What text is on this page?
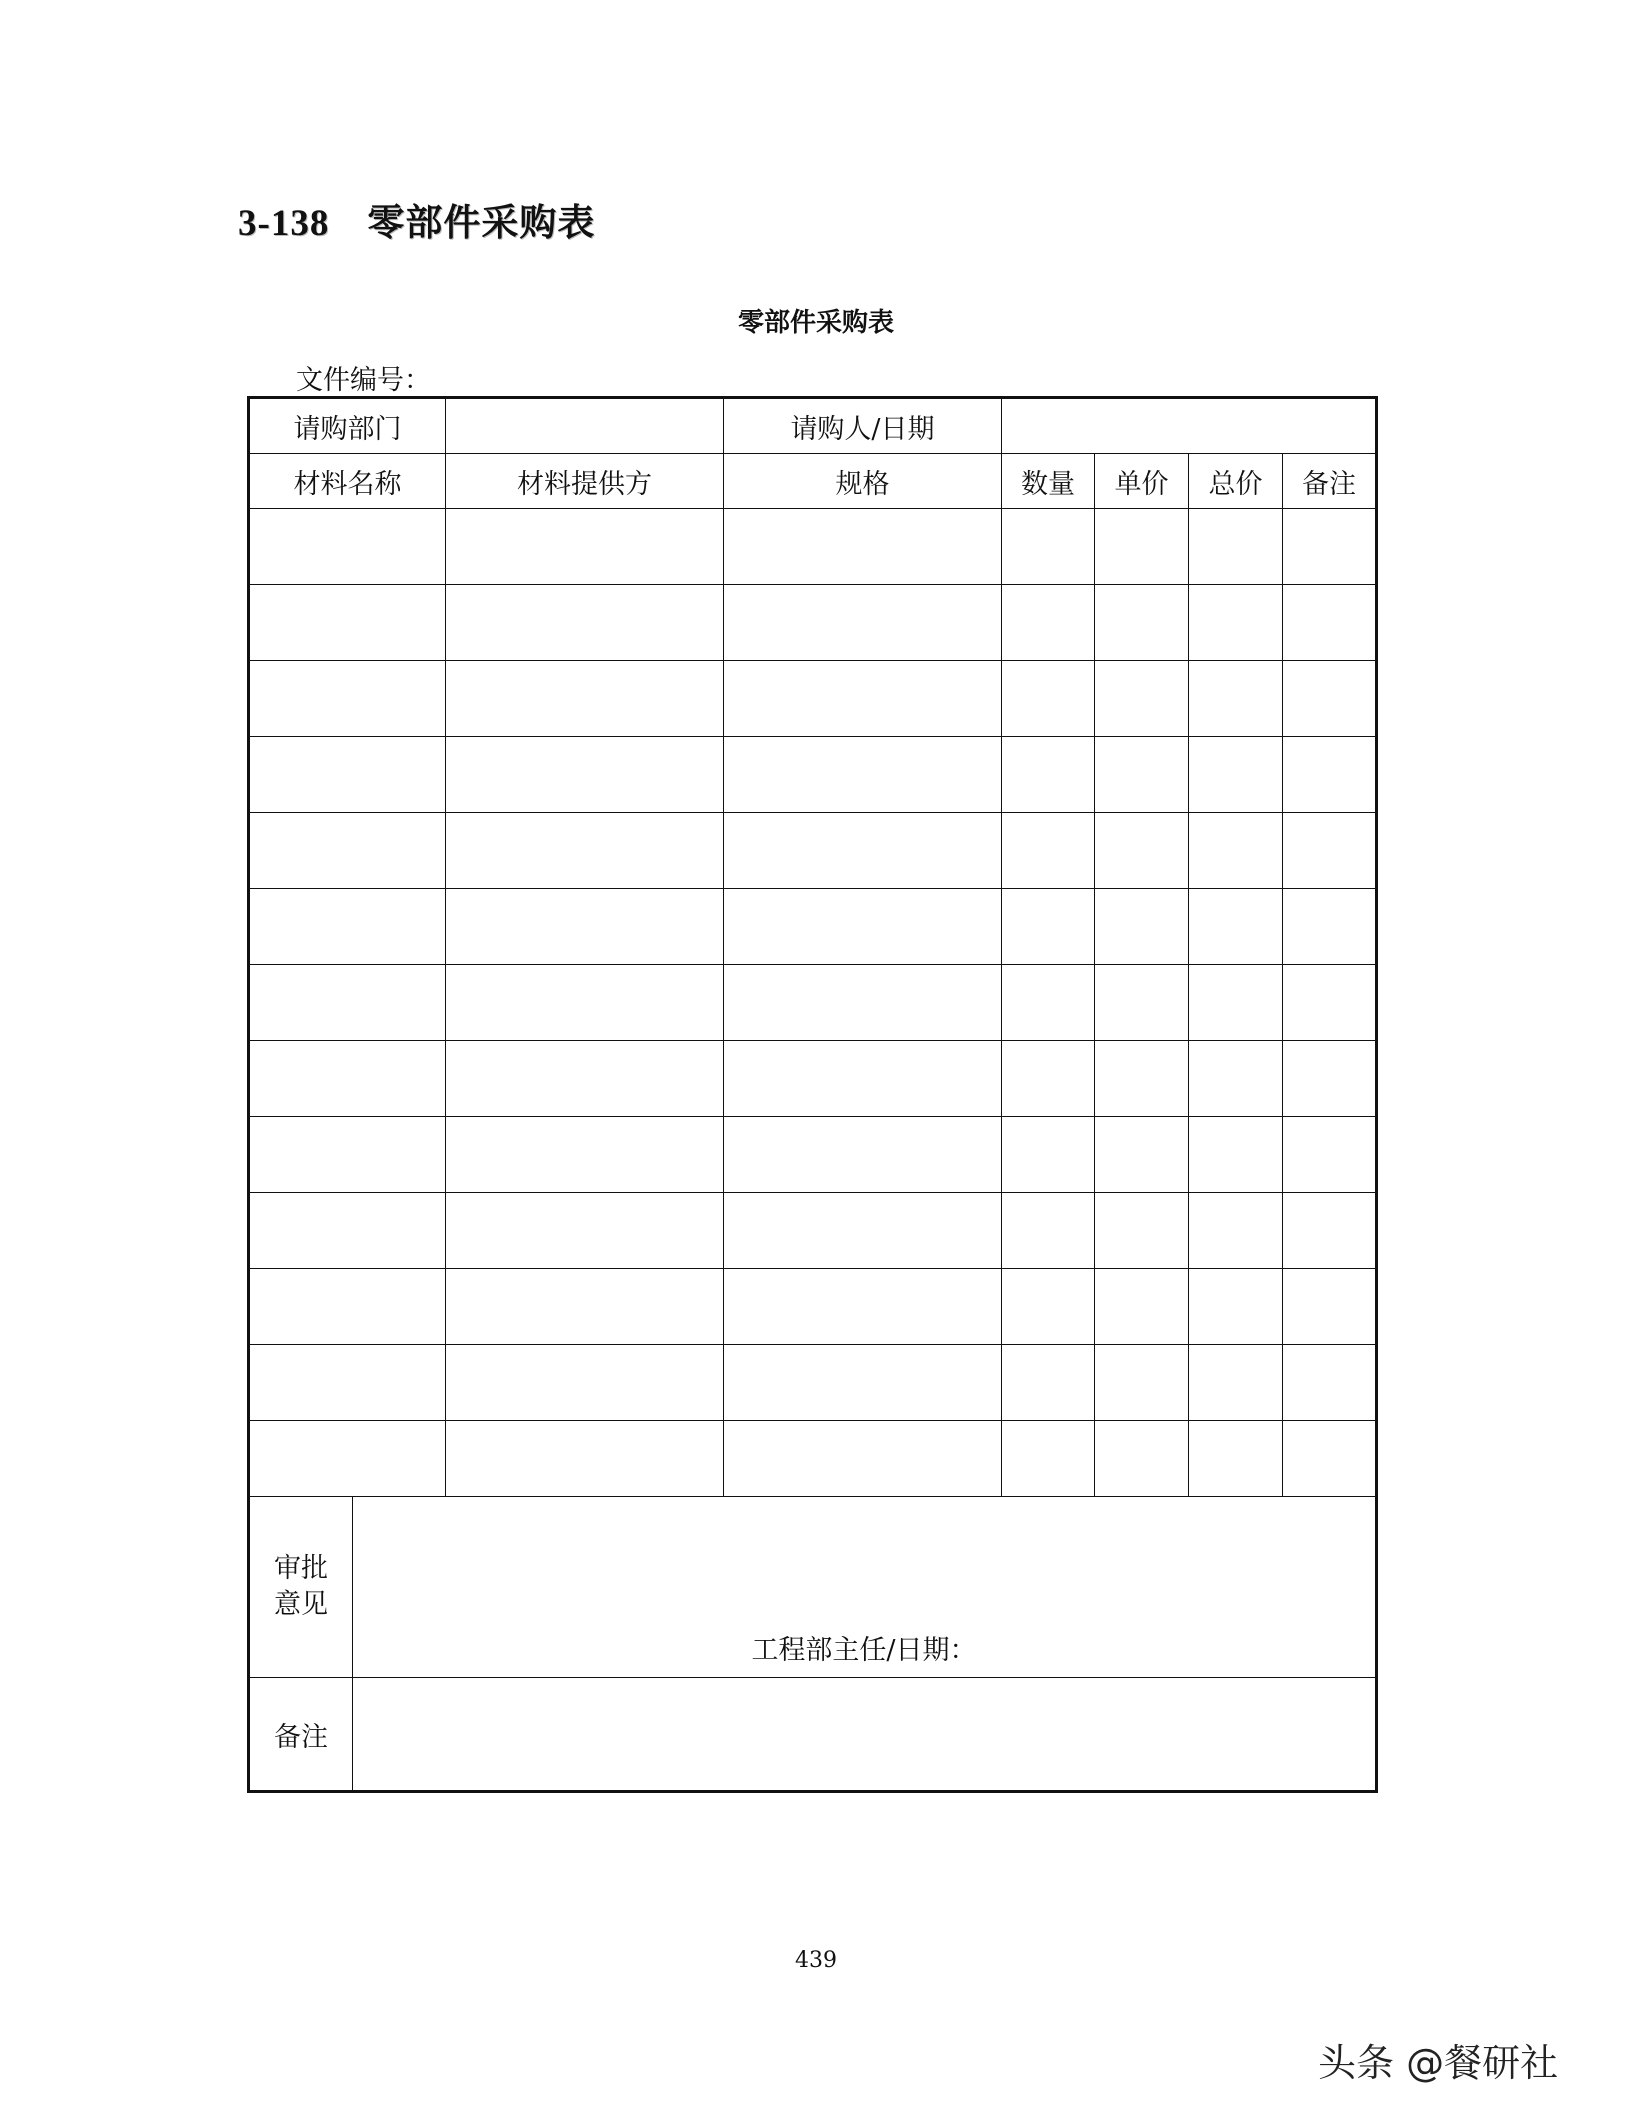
3-138 零部件采购表
零部件采购表
文件编号：
请购部门			请购人/日期				
材料名称		材料提供方	规格	数量	单价	总价	备注

审批
意见	工程部主任/日期：						

备注							
439
头条 @餐研社
